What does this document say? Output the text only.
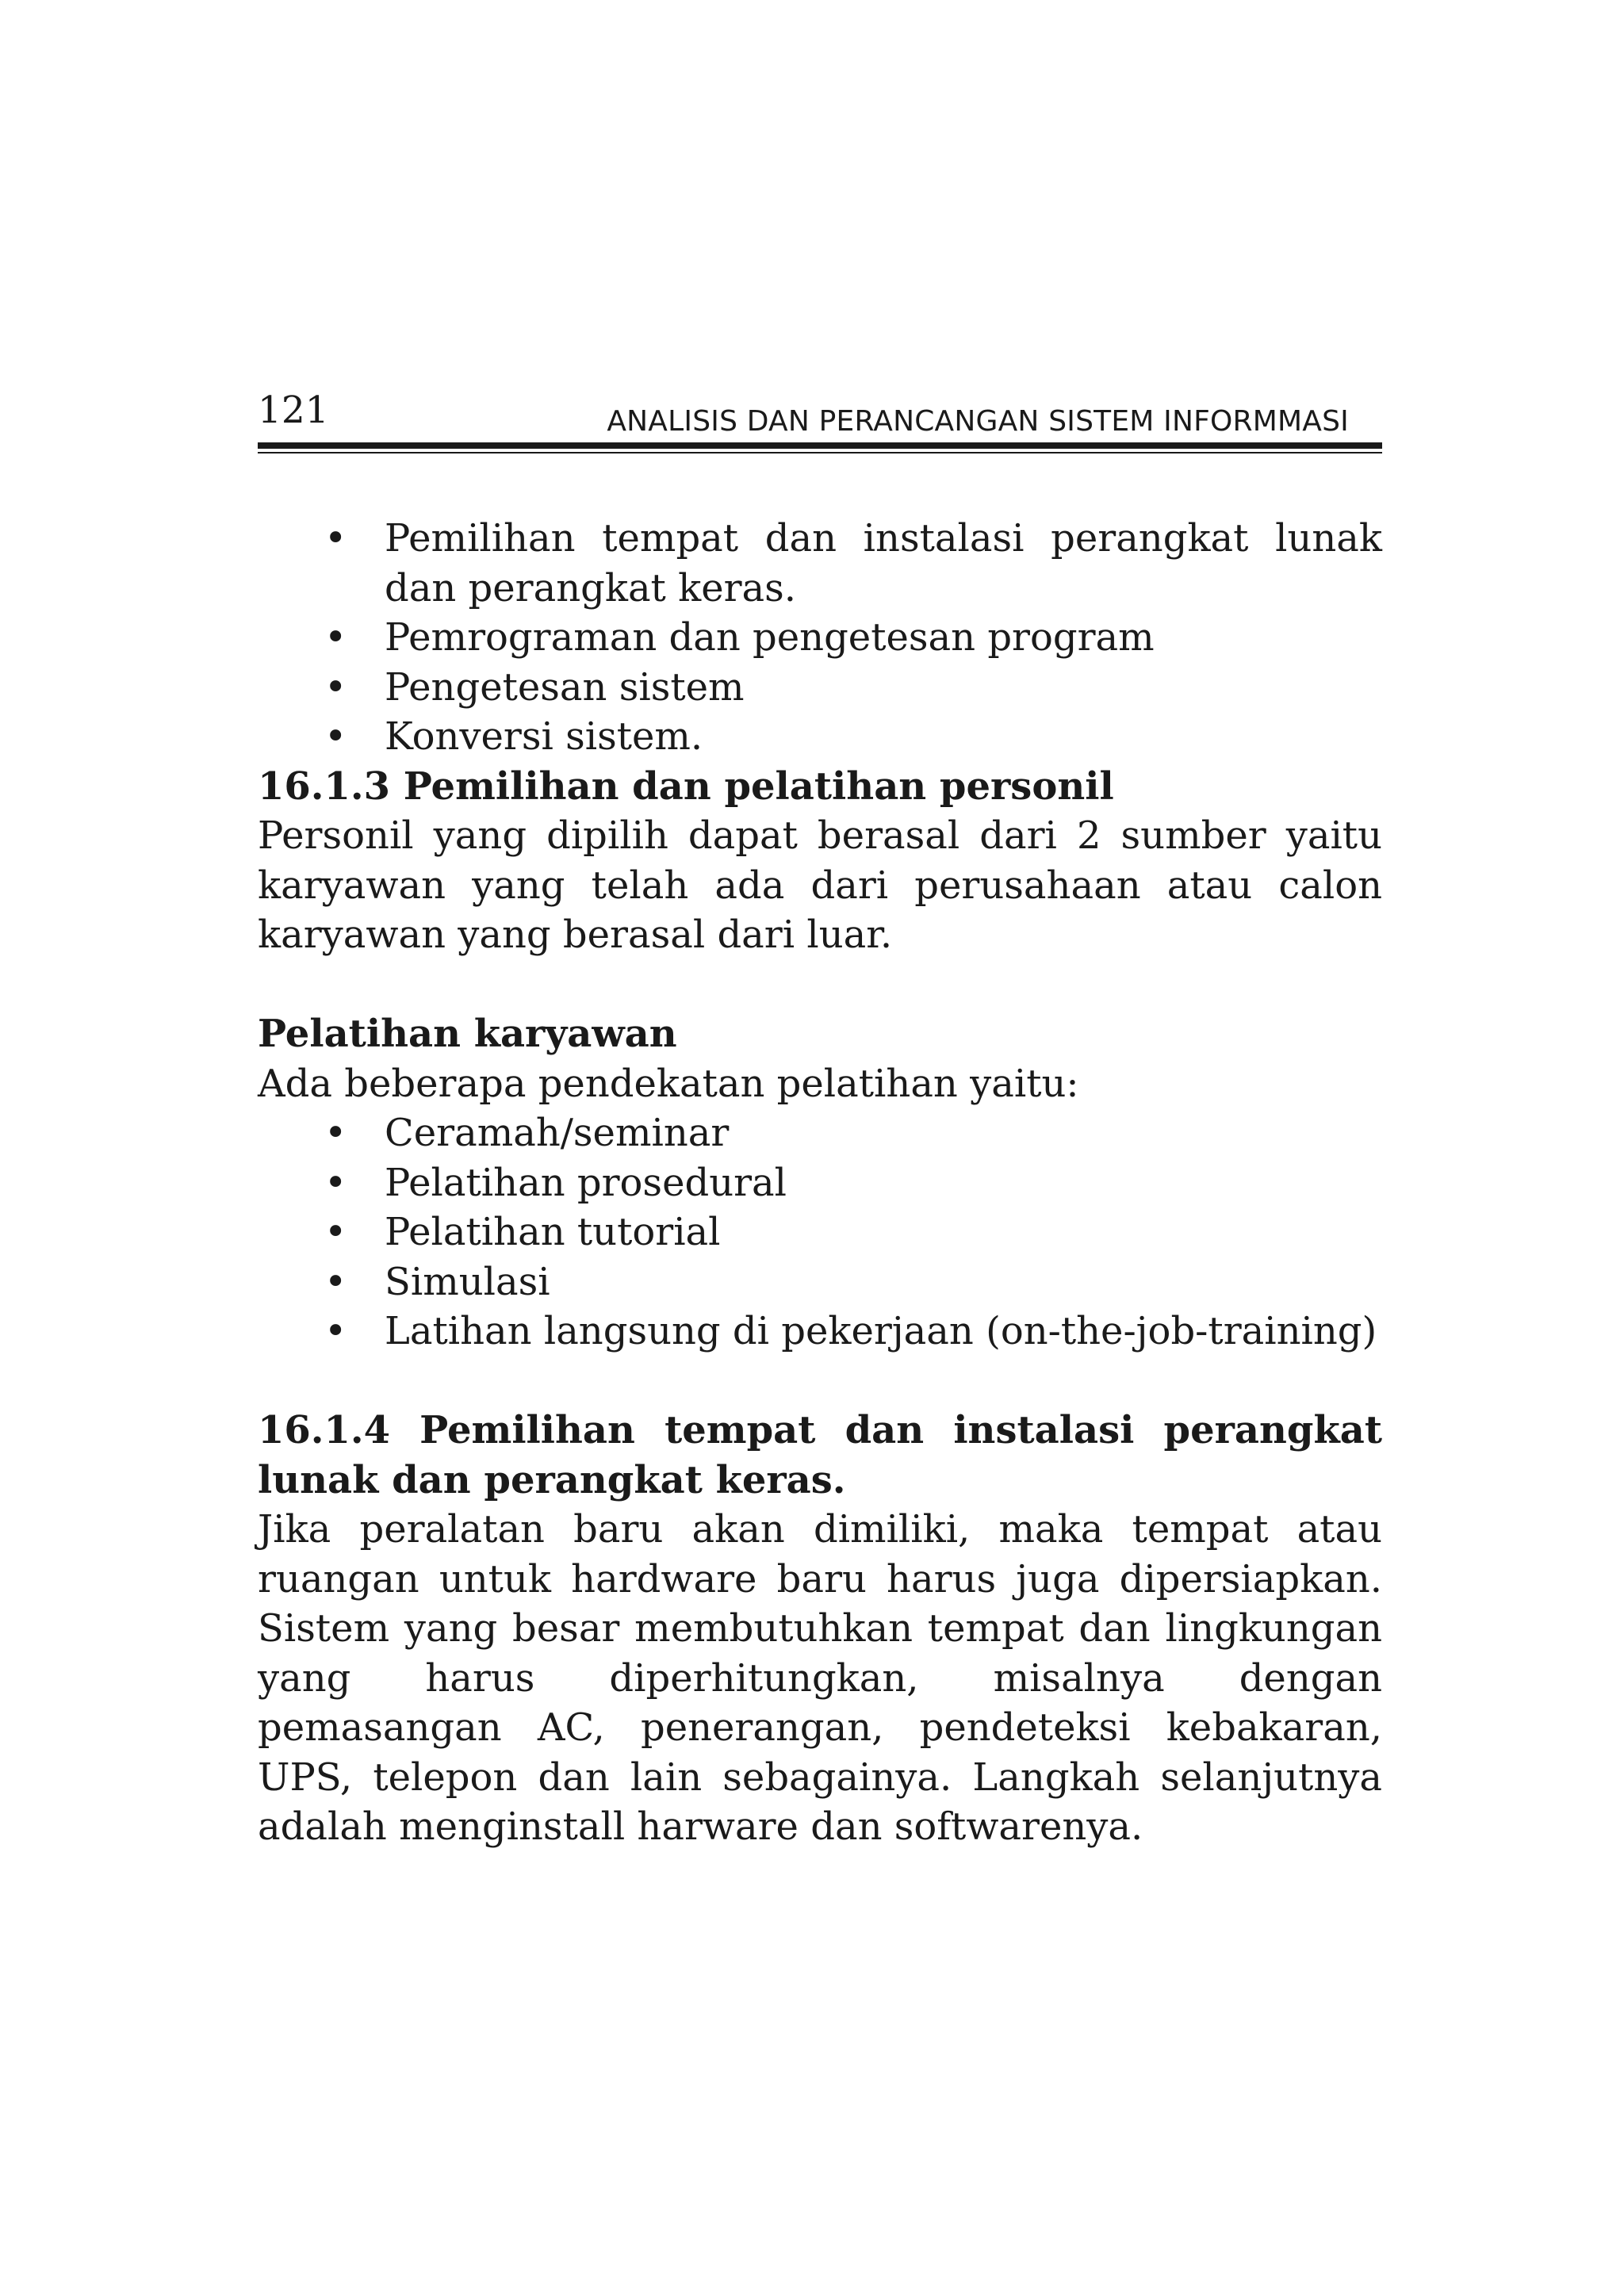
121	ANALISIS DAN PERANCANGAN SISTEM INFORMMASI
• Pemilihan tempat dan instalasi perangkat lunak dan perangkat keras.
• Pemrograman dan pengetesan program
• Pengetesan sistem
• Konversi sistem.
16.1.3 Pemilihan dan pelatihan personil

Personil yang dipilih dapat berasal dari 2 sumber yaitu karyawan yang telah ada dari perusahaan atau calon karyawan yang berasal dari luar.

Pelatihan karyawan

Ada beberapa pendekatan pelatihan yaitu:

• Ceramah/seminar
• Pelatihan prosedural
• Pelatihan tutorial
• Simulasi
• Latihan langsung di pekerjaan (on-the-job-training)
16.1.4 Pemilihan tempat dan instalasi perangkat lunak dan perangkat keras.

Jika peralatan baru akan dimiliki, maka tempat atau ruangan untuk hardware baru harus juga dipersiapkan. Sistem yang besar membutuhkan tempat dan lingkungan yang harus diperhitungkan, misalnya dengan pemasangan AC, penerangan, pendeteksi kebakaran, UPS, telepon dan lain sebagainya. Langkah selanjutnya adalah menginstall harware dan softwarenya.
